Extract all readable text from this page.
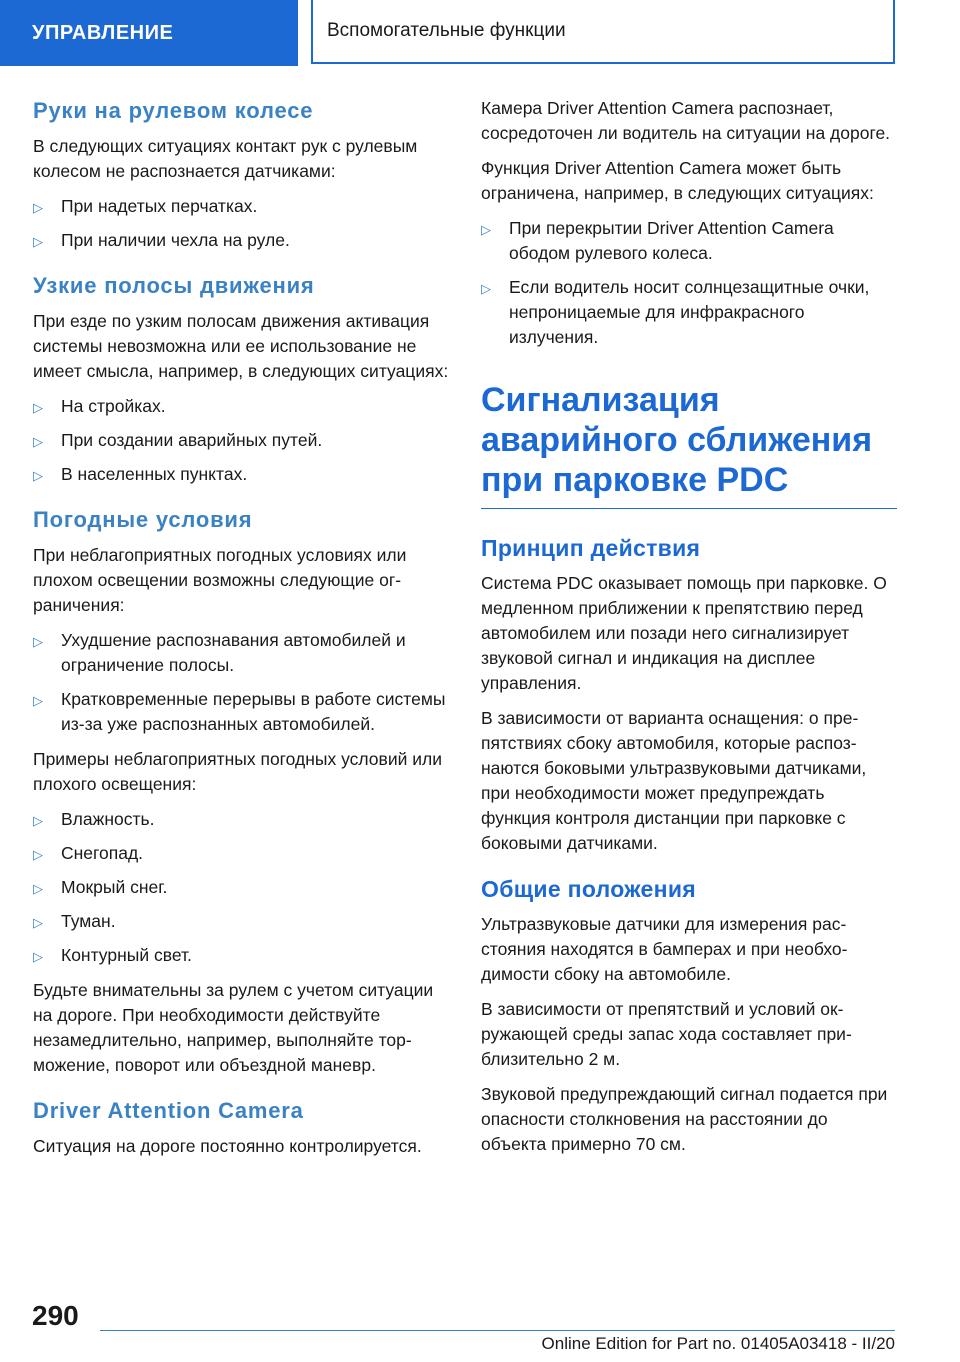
УПРАВЛЕНИЕ	Вспомогательные функции
Руки на рулевом колесе

В следующих ситуациях контакт рук с рулевым колесом не распознается датчиками:

▷ При надетых перчатках.
▷ При наличии чехла на руле.
Узкие полосы движения

При езде по узким полосам движения активация системы невозможна или ее использование не имеет смысла, например, в следующих ситуациях:

▷ На стройках.
▷ При создании аварийных путей.
▷ В населенных пунктах.
Погодные условия

При неблагоприятных погодных условиях или плохом освещении возможны следующие ограничения:

▷ Ухудшение распознавания автомобилей и ограничение полосы.
▷ Кратковременные перерывы в работе системы из-за уже распознанных автомобилей.

Примеры неблагоприятных погодных условий или плохого освещения:

▷ Влажность.
▷ Снегопад.
▷ Мокрый снег.
▷ Туман.
▷ Контурный свет.

Будьте внимательны за рулем с учетом ситуации на дороге. При необходимости действуйте незамедлительно, например, выполняйте торможение, поворот или объездной маневр.

Driver Attention Camera

Ситуация на дороге постоянно контролируется.

Камера Driver Attention Camera распознает, сосредоточен ли водитель на ситуации на дороге.

Функция Driver Attention Camera может быть ограничена, например, в следующих ситуациях:

▷ При перекрытии Driver Attention Camera ободом рулевого колеса.
▷ Если водитель носит солнцезащитные очки, непроницаемые для инфракрасного излучения.
Сигнализация аварийного сближения при парковке PDC
Принцип действия

Система PDC оказывает помощь при парковке. О медленном приближении к препятствию перед автомобилем или позади него сигнализирует звуковой сигнал и индикация на дисплее управления.

В зависимости от варианта оснащения: о препятствиях сбоку автомобиля, которые распознаются боковыми ультразвуковыми датчиками, при необходимости может предупреждать функция контроля дистанции при парковке с боковыми датчиками.

Общие положения

Ультразвуковые датчики для измерения расстояния находятся в бамперах и при необходимости сбоку на автомобиле.

В зависимости от препятствий и условий окружающей среды запас хода составляет приблизительно 2 м.

Звуковой предупреждающий сигнал подается при опасности столкновения на расстоянии до объекта примерно 70 см.

290
Online Edition for Part no. 01405A03418 - II/20
